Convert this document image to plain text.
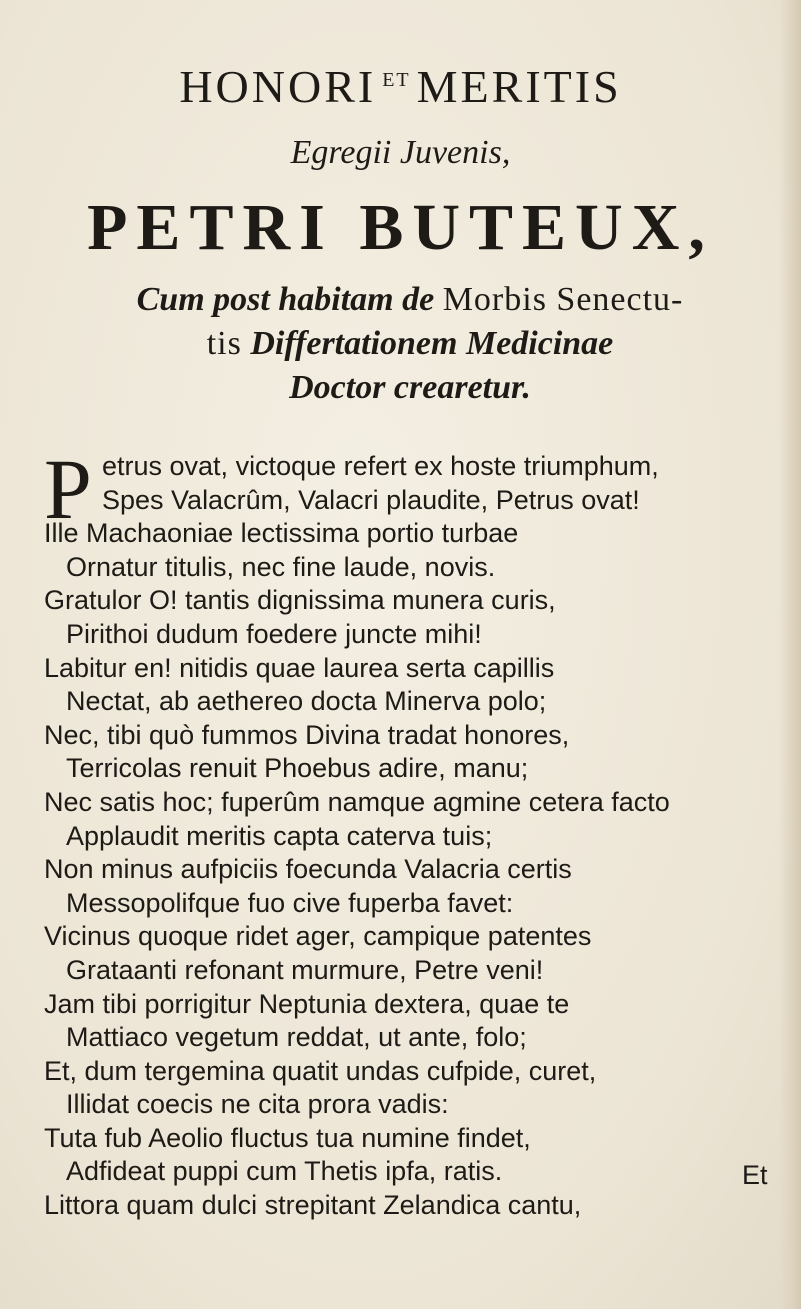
HONORI $^{ET}$ MERITIS
Egregii Juvenis,
PETRI BUTEUX,
Cum post habitam de Morbis Senectu-
tis Differtationem Medicinae
Doctor crearetur.
P etrus ovat, victoque refert ex hoste triumphum,
Spes Valacrûm, Valacri plaudite, Petrus ovat!
Ille Machaoniae lectissima portio turbae
Ornatur titulis, nec fine laude, novis.
Gratulor O! tantis dignissima munera curis,
Pirithoi dudum foedere juncte mihi!
Labitur en! nitidis quae laurea serta capillis
Nectat, ab aethereo docta Minerva polo;
Nec, tibi quò fummos Divina tradat honores,
Terricolas renuit Phoebus adire, manu;
Nec satis hoc; fuperûm namque agmine cetera facto
Applaudit meritis capta caterva tuis;
Non minus aufpiciis foecunda Valacria certis
Messopolifque fuo cive fuperba favet:
Vicinus quoque ridet ager, campique patentes
Grataanti refonant murmure, Petre veni!
Jam tibi porrigitur Neptunia dextera, quae te
Mattiaco vegetum reddat, ut ante, folo;
Et, dum tergemina quatit undas cufpide, curet,
Illidat coecis ne cita prora vadis:
Tuta fub Aeolio fluctus tua numine findet,
Adfideat puppi cum Thetis ipfa, ratis.
Littora quam dulci strepitant Zelandica cantu,
Et
